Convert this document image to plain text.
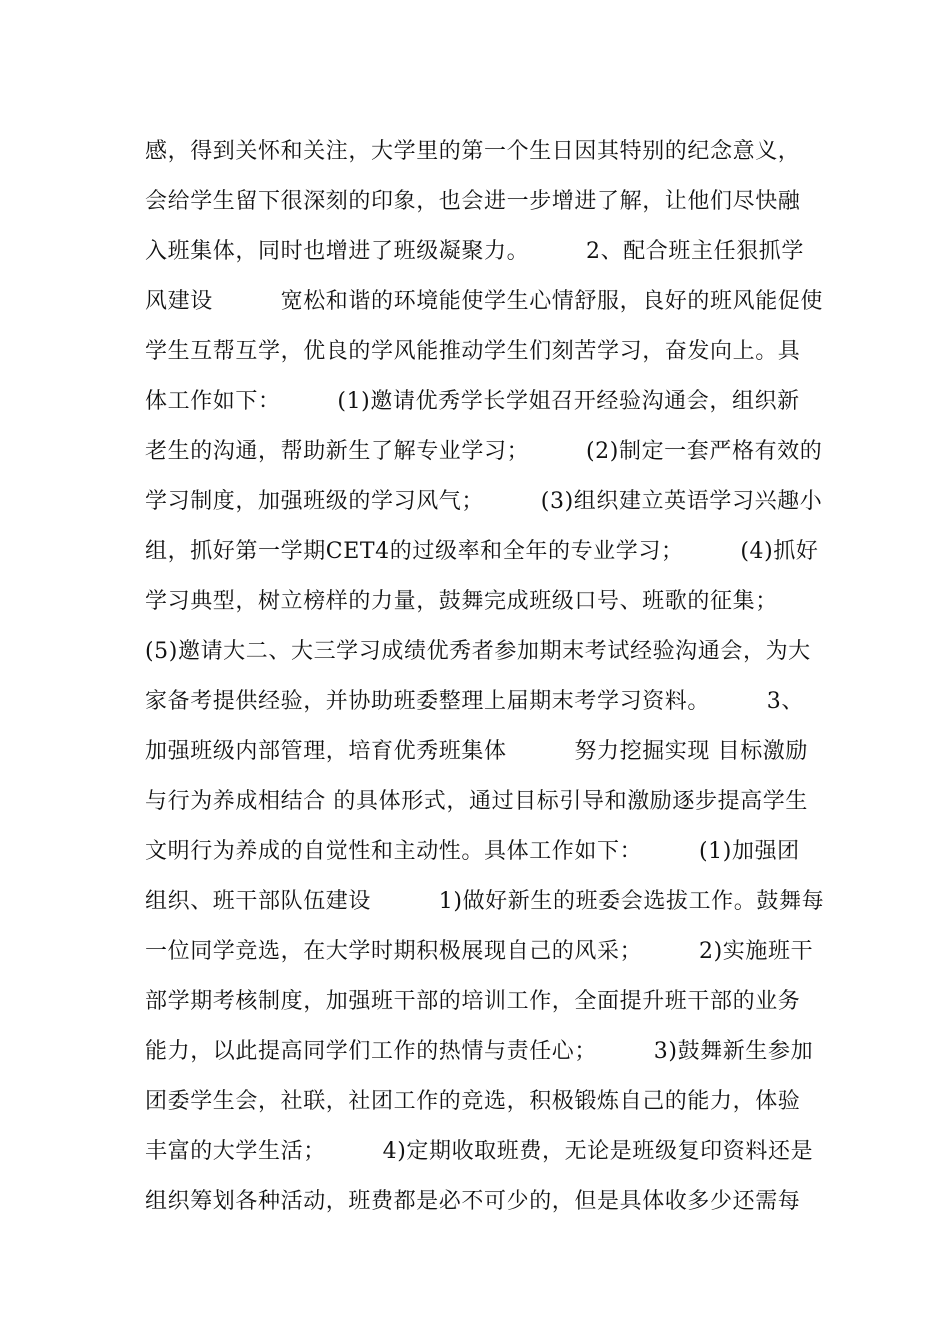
感，得到关怀和关注，大学里的第一个生日因其特别的纪念意义，
会给学生留下很深刻的印象，也会进一步增进了解，让他们尽快融
入班集体，同时也增进了班级凝聚力。　　　2、配合班主任狠抓学
风建设　　　宽松和谐的环境能使学生心情舒服，良好的班风能促使
学生互帮互学，优良的学风能推动学生们刻苦学习，奋发向上。具
体工作如下：　　　(1)邀请优秀学长学姐召开经验沟通会，组织新
老生的沟通，帮助新生了解专业学习；　　　(2)制定一套严格有效的
学习制度，加强班级的学习风气；　　　(3)组织建立英语学习兴趣小
组，抓好第一学期CET4的过级率和全年的专业学习；　　　(4)抓好
学习典型，树立榜样的力量，鼓舞完成班级口号、班歌的征集；
(5)邀请大二、大三学习成绩优秀者参加期末考试经验沟通会，为大
家备考提供经验，并协助班委整理上届期末考学习资料。　　　3、
加强班级内部管理，培育优秀班集体　　　努力挖掘实现 目标激励
与行为养成相结合 的具体形式，通过目标引导和激励逐步提高学生
文明行为养成的自觉性和主动性。具体工作如下：　　　(1)加强团
组织、班干部队伍建设　　　1)做好新生的班委会选拔工作。鼓舞每
一位同学竞选，在大学时期积极展现自己的风采；　　　2)实施班干
部学期考核制度，加强班干部的培训工作，全面提升班干部的业务
能力，以此提高同学们工作的热情与责任心；　　　3)鼓舞新生参加
团委学生会，社联，社团工作的竞选，积极锻炼自己的能力，体验
丰富的大学生活；　　　4)定期收取班费，无论是班级复印资料还是
组织筹划各种活动，班费都是必不可少的，但是具体收多少还需每
